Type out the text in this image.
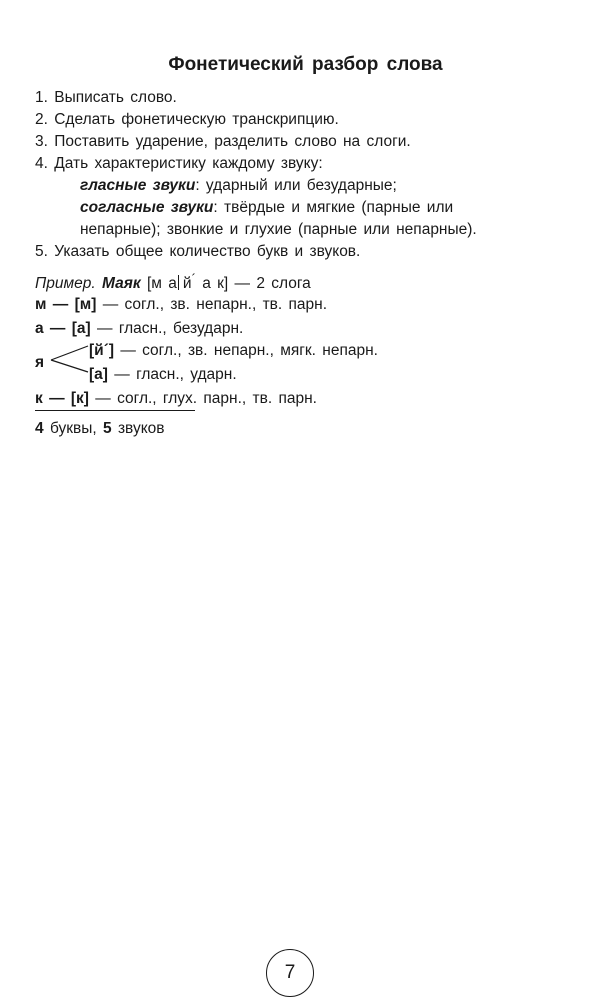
Фонетический разбор слова
1. Выписать слово.
2. Сделать фонетическую транскрипцию.
3. Поставить ударение, разделить слово на слоги.
4. Дать характеристику каждому звуку:
гласные звуки: ударный или безударные;
согласные звуки: твёрдые и мягкие (парные или
непарные); звонкие и глухие (парные или непарные).
5. Указать общее количество букв и звуков.
Пример. Маяк [м а й´ а к] — 2 слога
м — [м] — согл., зв. непарн., тв. парн.
а — [а] — гласн., безударн.
я
[й´] — согл., зв. непарн., мягк. непарн.
[а] — гласн., ударн.
к — [к] — согл., глух. парн., тв. парн.
4 буквы, 5 звуков
7
